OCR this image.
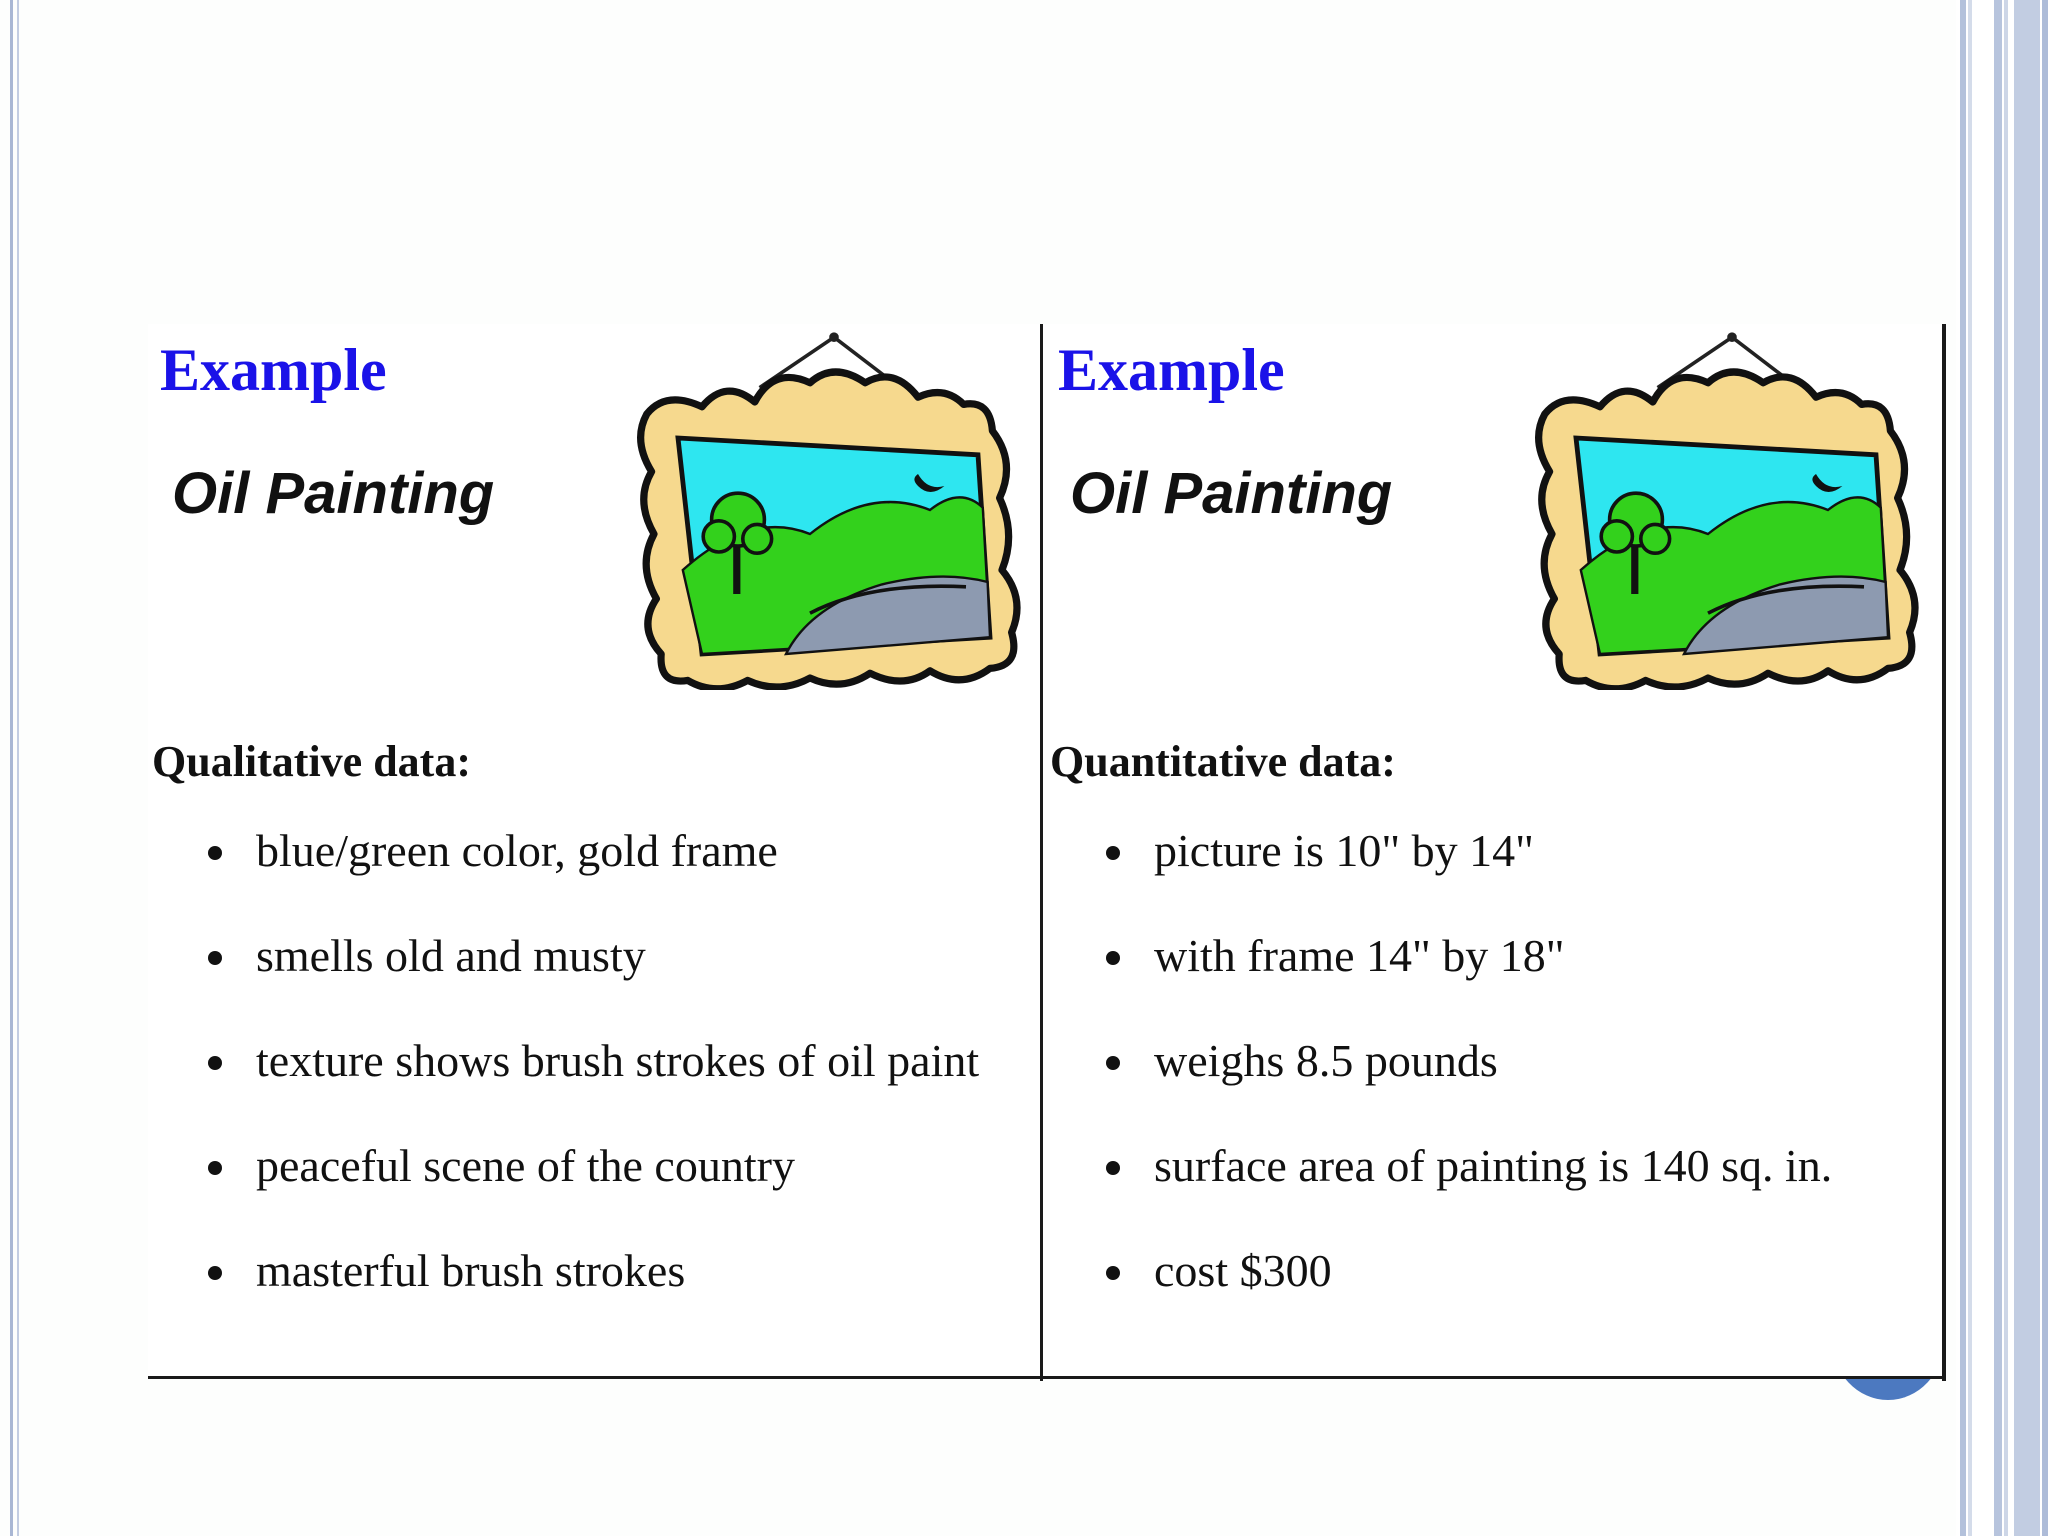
Example
Oil Painting
Qualitative data:
blue/green color, gold frame
smells old and musty
texture shows brush strokes of oil paint
peaceful scene of the country
masterful brush strokes
Example
Oil Painting
Quantitative data:
picture is 10" by 14"
with frame 14" by 18"
weighs 8.5 pounds
surface area of painting is 140 sq. in.
cost $300
